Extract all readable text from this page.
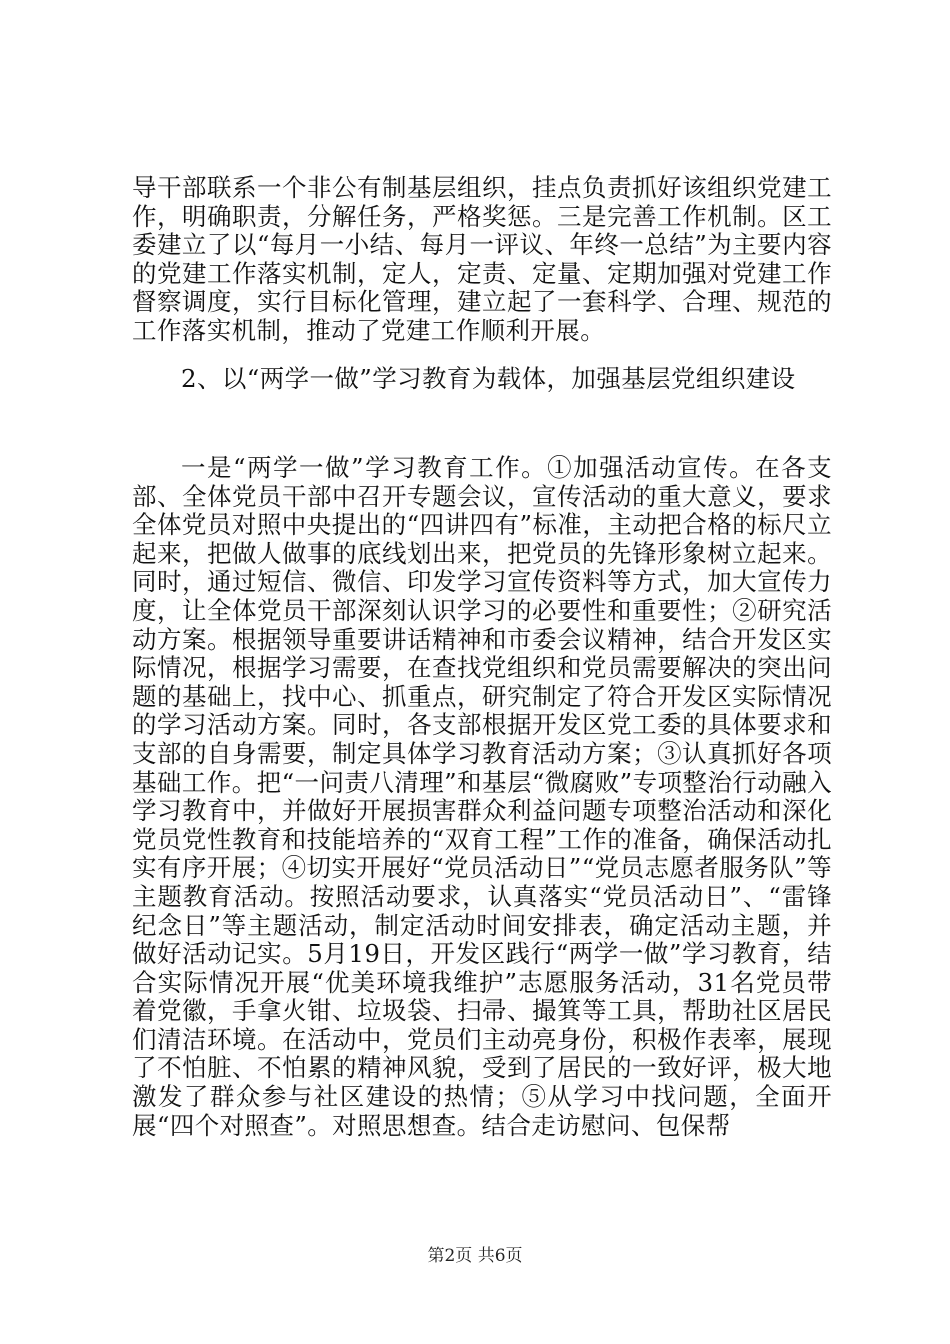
导干部联系一个非公有制基层组织，挂点负责抓好该组织党建工作，明确职责，分解任务，严格奖惩。三是完善工作机制。区工委建立了以“每月一小结、每月一评议、年终一总结”为主要内容的党建工作落实机制，定人，定责、定量、定期加强对党建工作督察调度，实行目标化管理，建立起了一套科学、合理、规范的工作落实机制，推动了党建工作顺利开展。

2、以“两学一做”学习教育为载体，加强基层党组织建设

一是“两学一做”学习教育工作。①加强活动宣传。在各支部、全体党员干部中召开专题会议，宣传活动的重大意义，要求全体党员对照中央提出的“四讲四有”标准，主动把合格的标尺立起来，把做人做事的底线划出来，把党员的先锋形象树立起来。同时，通过短信、微信、印发学习宣传资料等方式，加大宣传力度，让全体党员干部深刻认识学习的必要性和重要性；②研究活动方案。根据领导重要讲话精神和市委会议精神，结合开发区实际情况，根据学习需要，在查找党组织和党员需要解决的突出问题的基础上，找中心、抓重点，研究制定了符合开发区实际情况的学习活动方案。同时，各支部根据开发区党工委的具体要求和支部的自身需要，制定具体学习教育活动方案；③认真抓好各项基础工作。把“一问责八清理”和基层“微腐败”专项整治行动融入学习教育中，并做好开展损害群众利益问题专项整治活动和深化党员党性教育和技能培养的“双育工程”工作的准备，确保活动扎实有序开展；④切实开展好“党员活动日”“党员志愿者服务队”等主题教育活动。按照活动要求，认真落实“党员活动日”、“雷锋纪念日”等主题活动，制定活动时间安排表，确定活动主题，并做好活动记实。5月19日，开发区践行“两学一做”学习教育，结合实际情况开展“优美环境我维护”志愿服务活动，31名党员带着党徽，手拿火钳、垃圾袋、扫帚、撮箕等工具，帮助社区居民们清洁环境。在活动中，党员们主动亮身份，积极作表率，展现了不怕脏、不怕累的精神风貌，受到了居民的一致好评，极大地激发了群众参与社区建设的热情；⑤从学习中找问题，全面开展“四个对照查”。对照思想查。结合走访慰问、包保帮

第2页 共6页
